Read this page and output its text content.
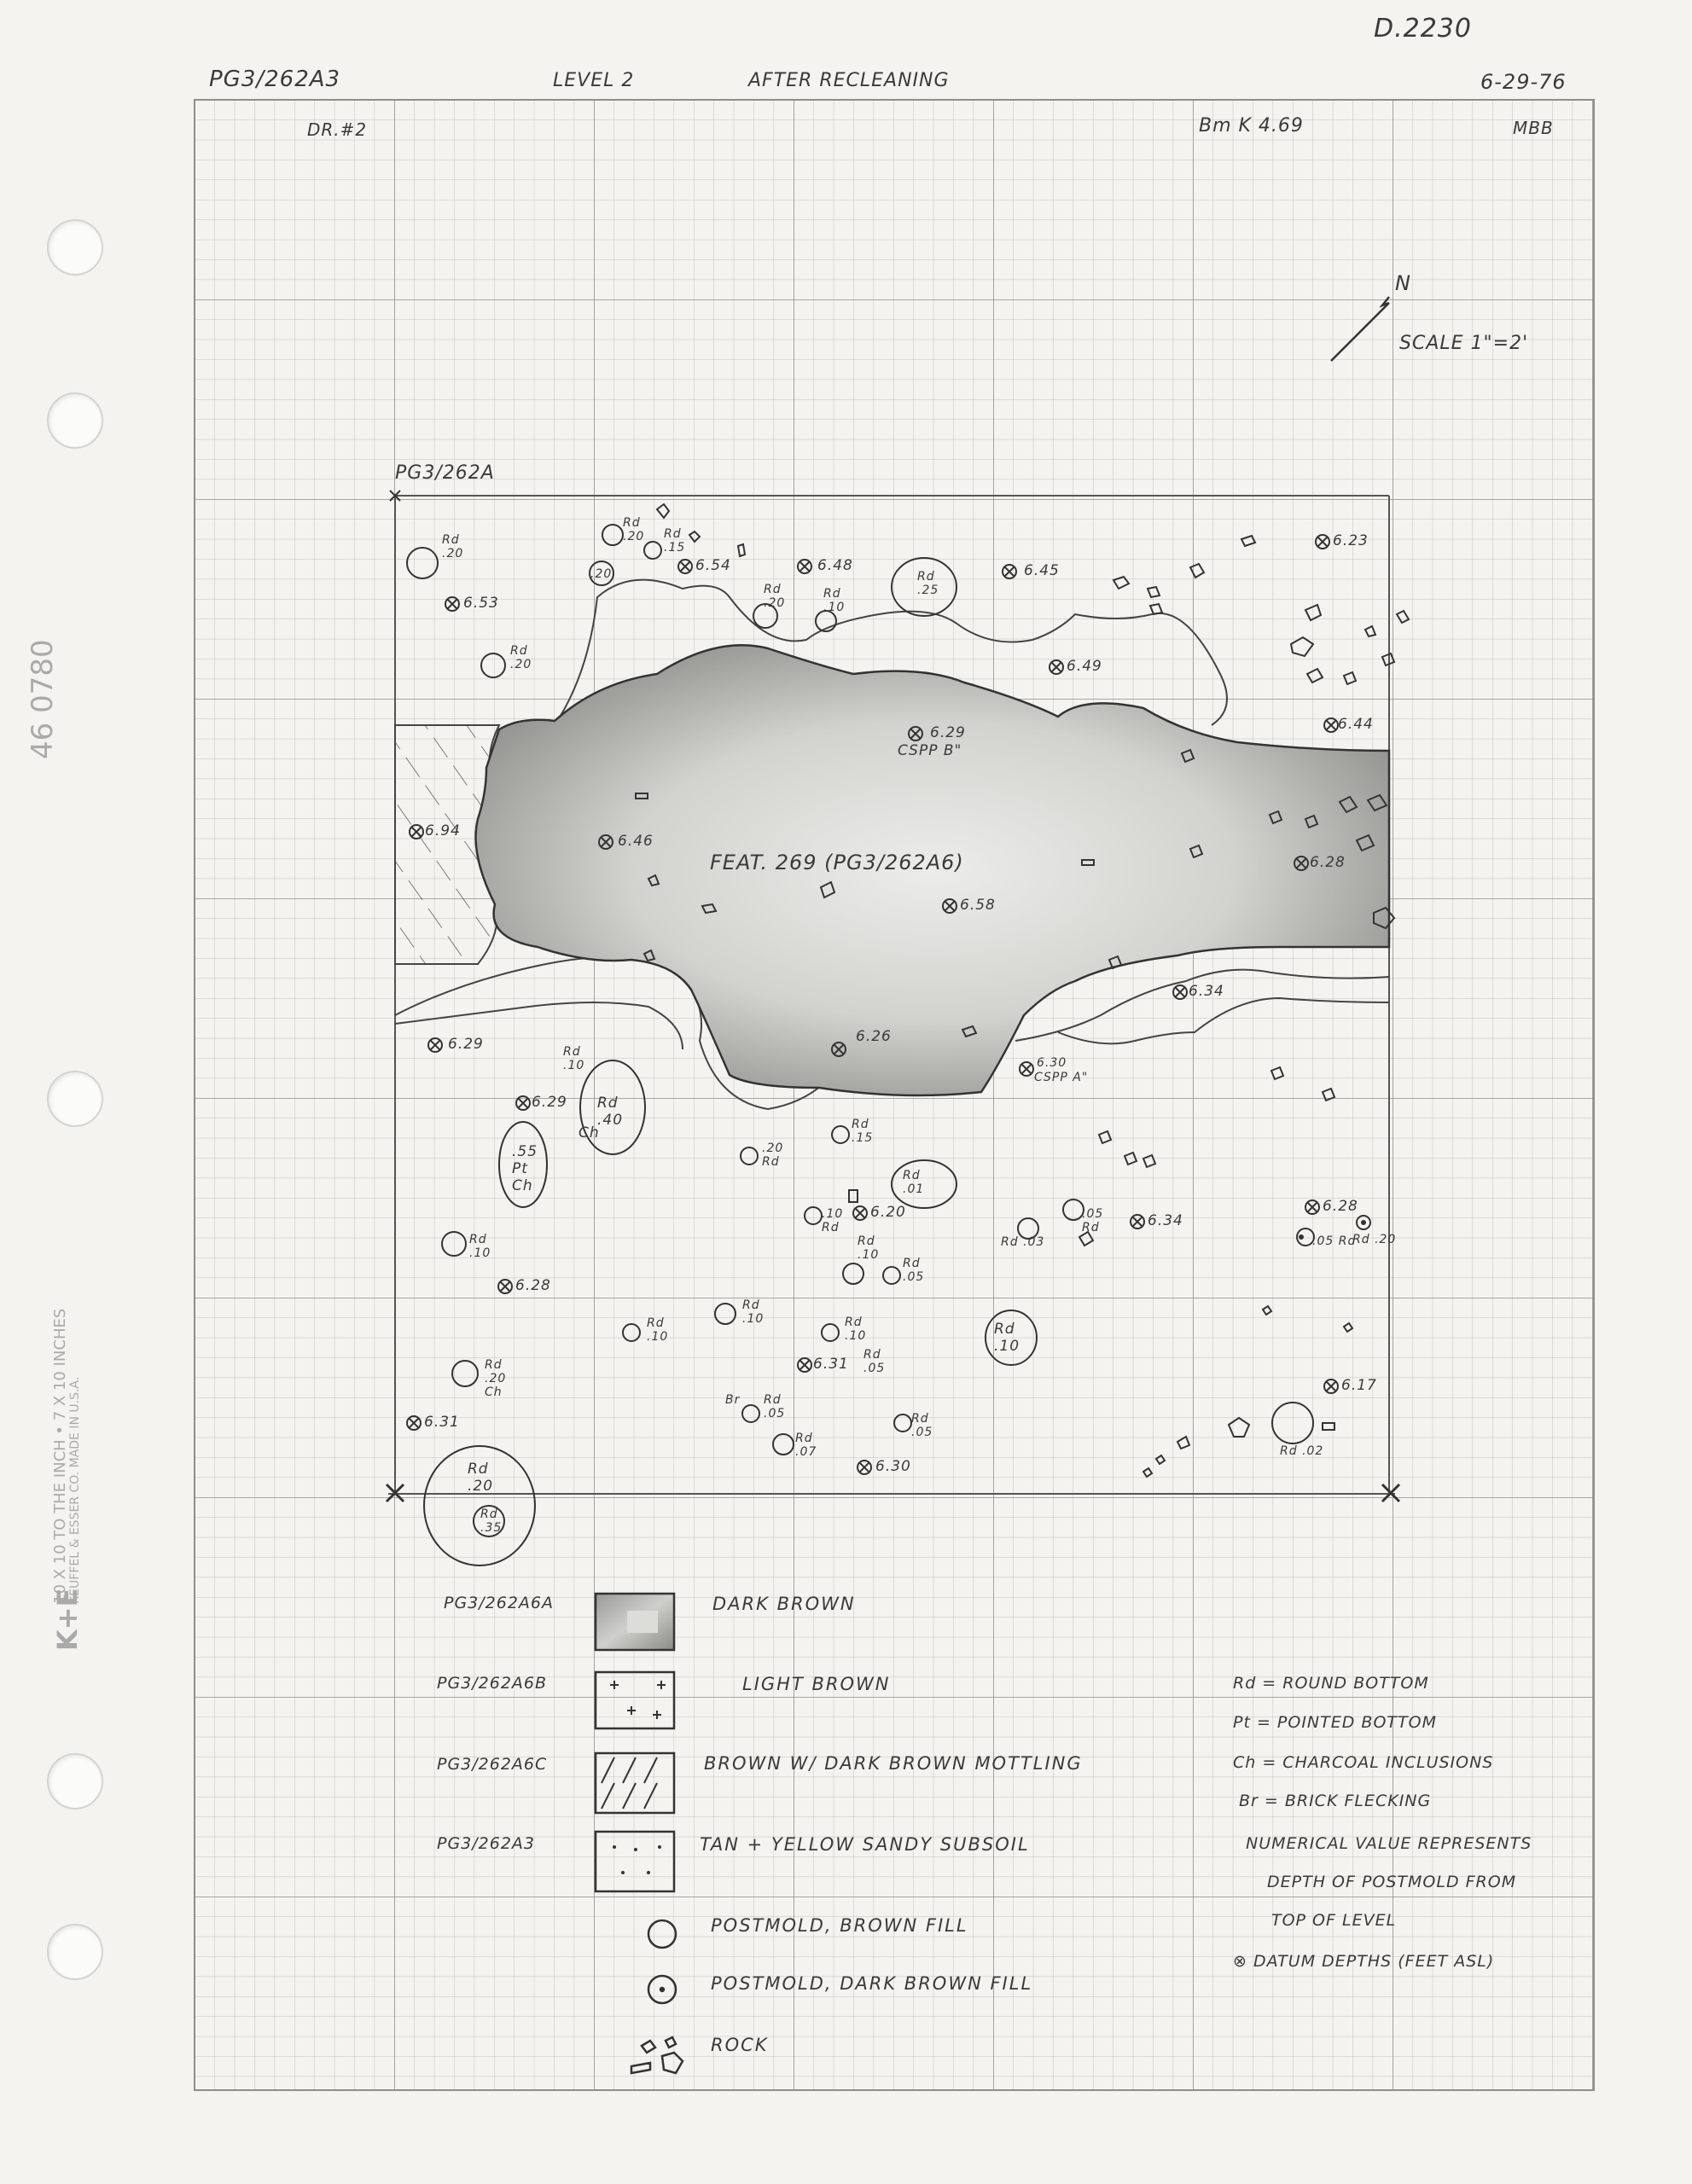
D.2230
PG3/262A3	LEVEL 2	AFTER RECLEANING	6-29-76
DR.#2	Bm K 4.69	MBB
46 0780
K+E
10 X 10 TO THE INCH • 7 X 10 INCHES KEUFFEL & ESSER CO. MADE IN U.S.A.
N
SCALE 1"=2'
PG3/262A
FEAT. 269 (PG3/262A6)
CSPP B"
CSPP A"
6.53
6.54	6.48	6.45
6.23
6.49
6.29	6.44
6.94
6.46
6.58
6.28
6.34
6.29	6.26
6.30
6.29
6.20	6.34
6.28
6.28
6.31
6.31
6.17
6.30
Rd
.20
Rd
.20 Rd
.15
.20
Rd
.20
Rd
.10
Rd
.25
Rd
.20
Rd
.10
Rd
.40
.55
Pt
Ch
Ch
.20
Rd
Rd
.15
Rd
.01
.10
Rd
Rd
.10
Rd
.05
.05
Rd
Rd .03	.05 Rd
Rd .20
Rd
.10
Rd
.10
Rd
.10	Rd
.10
Rd
.05
Rd
.10
Rd
.20
Ch
Br Rd
.05
Rd
.07
Rd
.05
Rd
.20
Rd
.35
Rd .02
PG3/262A6A	DARK BROWN
PG3/262A6B	LIGHT BROWN
PG3/262A6C	BROWN W/ DARK BROWN MOTTLING
PG3/262A3	TAN + YELLOW SANDY SUBSOIL
POSTMOLD, BROWN FILL
POSTMOLD, DARK BROWN FILL
ROCK
Rd = ROUND BOTTOM
Pt = POINTED BOTTOM
Ch = CHARCOAL INCLUSIONS
Br = BRICK FLECKING
NUMERICAL VALUE REPRESENTS
DEPTH OF POSTMOLD FROM
TOP OF LEVEL
⊗ DATUM DEPTHS (FEET ASL)
